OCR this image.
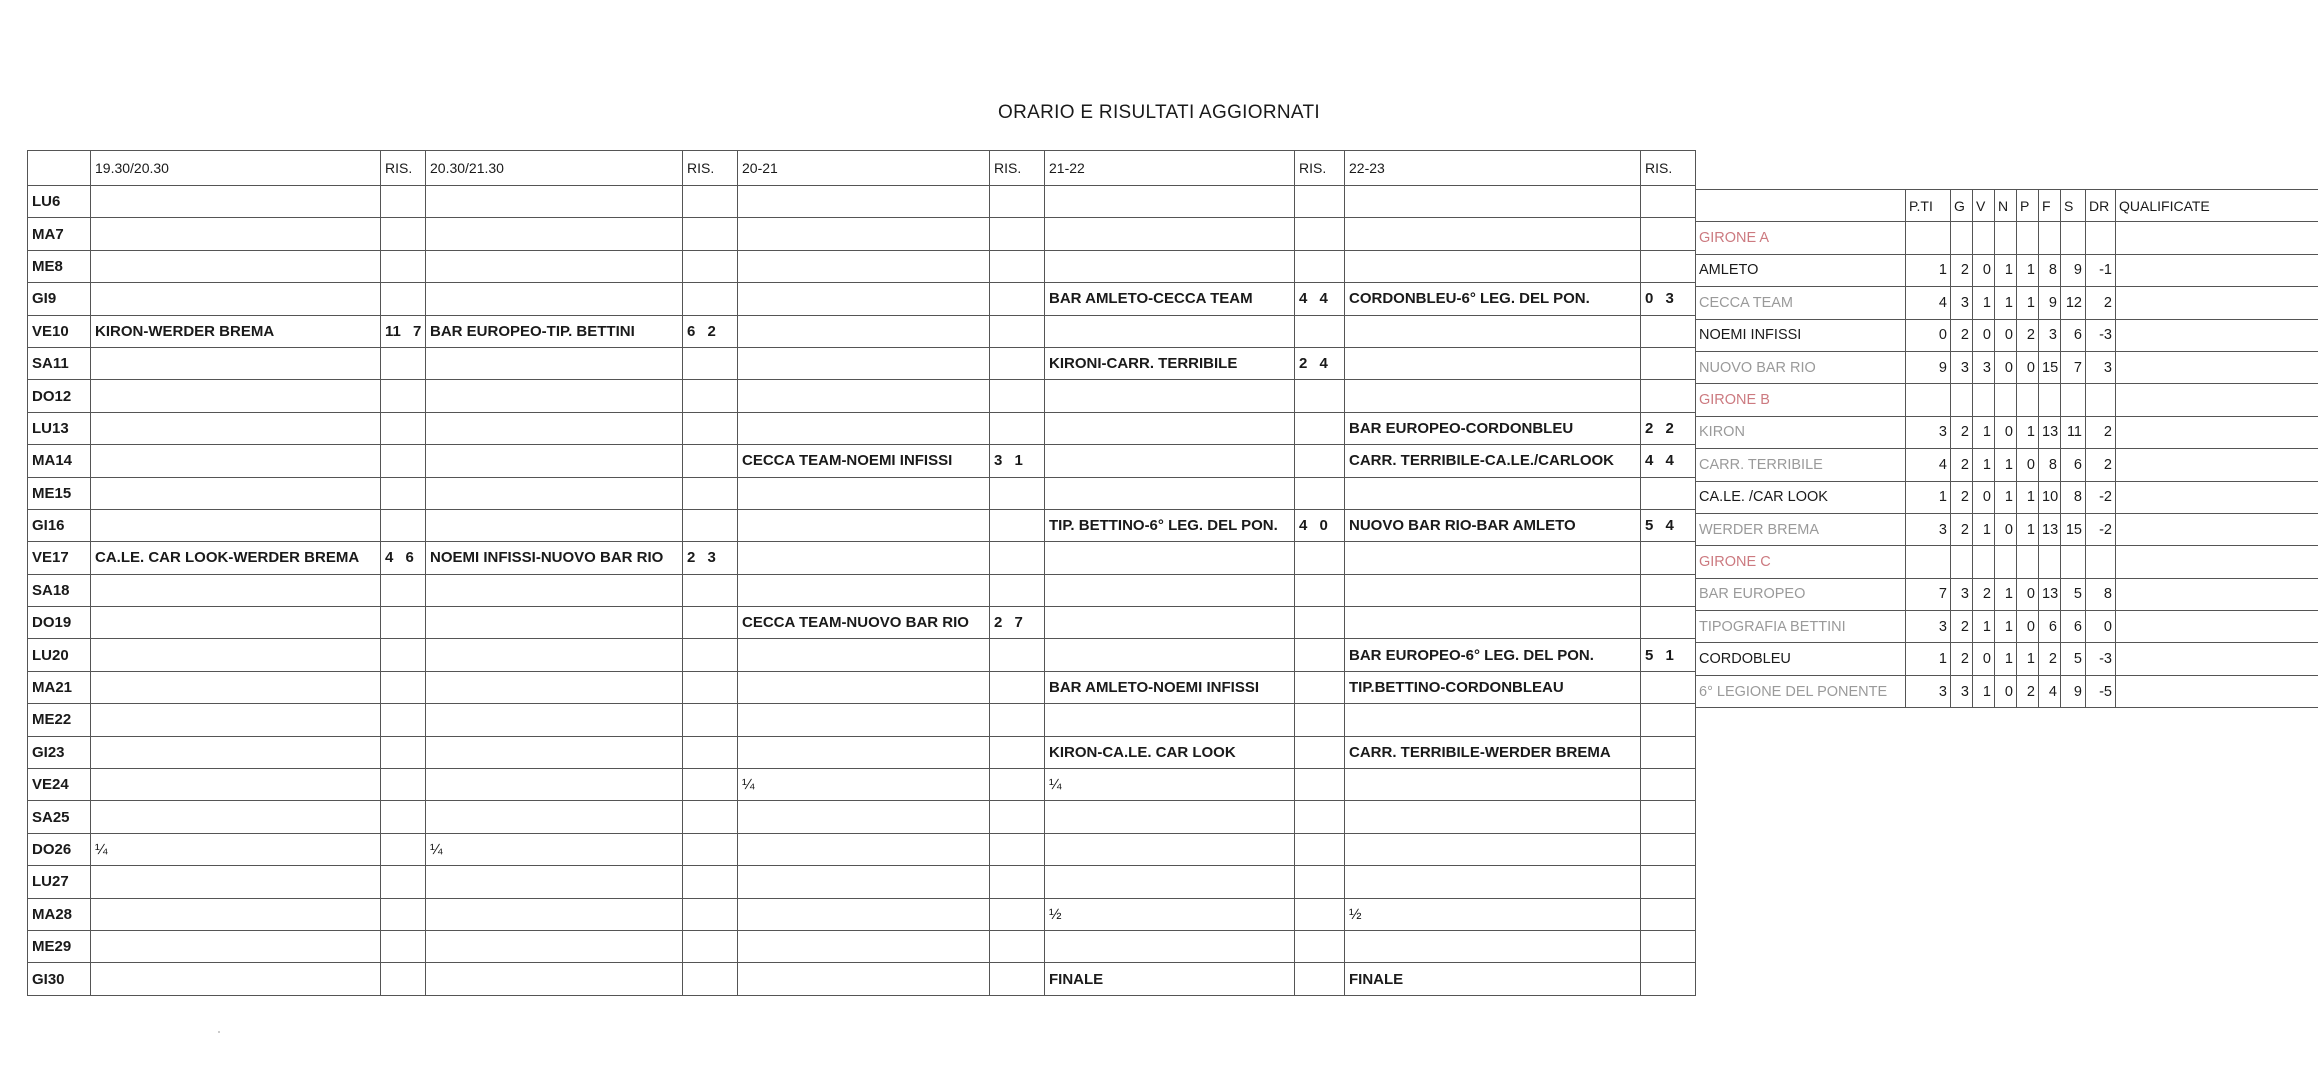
ORARIO E RISULTATI AGGIORNATI
	19.30/20.30	RIS.	20.30/21.30	RIS.	20-21	RIS.	21-22	RIS.	22-23	RIS.
LU6										
MA7										
ME8										
GI9							BAR AMLETO-CECCA TEAM	4 4	CORDONBLEU-6° LEG. DEL PON.	0 3
VE10	KIRON-WERDER BREMA	11 7	BAR EUROPEO-TIP. BETTINI	6 2						
SA11							KIRONI-CARR. TERRIBILE	2 4		
DO12										
LU13									BAR EUROPEO-CORDONBLEU	2 2
MA14					CECCA TEAM-NOEMI INFISSI	3 1			CARR. TERRIBILE-CA.LE./CARLOOK	4 4
ME15										
GI16							TIP. BETTINO-6° LEG. DEL PON.	4 0	NUOVO BAR RIO-BAR AMLETO	5 4
VE17	CA.LE. CAR LOOK-WERDER BREMA	4 6	NOEMI INFISSI-NUOVO BAR RIO	2 3						
SA18										
DO19					CECCA TEAM-NUOVO BAR RIO	2 7				
LU20									BAR EUROPEO-6° LEG. DEL PON.	5 1
MA21							BAR AMLETO-NOEMI INFISSI		TIP.BETTINO-CORDONBLEAU	
ME22										
GI23							KIRON-CA.LE. CAR LOOK		CARR. TERRIBILE-WERDER BREMA	
VE24					¼		¼			
SA25										
DO26	¼		¼							
LU27										
MA28							½		½	
ME29										
GI30							FINALE		FINALE	
	P.TI	G	V	N	P	F	S	DR	QUALIFICATE
GIRONE A									
AMLETO	1	2	0	1	1	8	9	-1	
CECCA TEAM	4	3	1	1	1	9	12	2	
NOEMI INFISSI	0	2	0	0	2	3	6	-3	
NUOVO BAR RIO	9	3	3	0	0	15	7	3	
GIRONE B									
KIRON	3	2	1	0	1	13	11	2	
CARR. TERRIBILE	4	2	1	1	0	8	6	2	
CA.LE. /CAR LOOK	1	2	0	1	1	10	8	-2	
WERDER BREMA	3	2	1	0	1	13	15	-2	
GIRONE C									
BAR EUROPEO	7	3	2	1	0	13	5	8	
TIPOGRAFIA BETTINI	3	2	1	1	0	6	6	0	
CORDOBLEU	1	2	0	1	1	2	5	-3	
6° LEGIONE DEL PONENTE	3	3	1	0	2	4	9	-5	
